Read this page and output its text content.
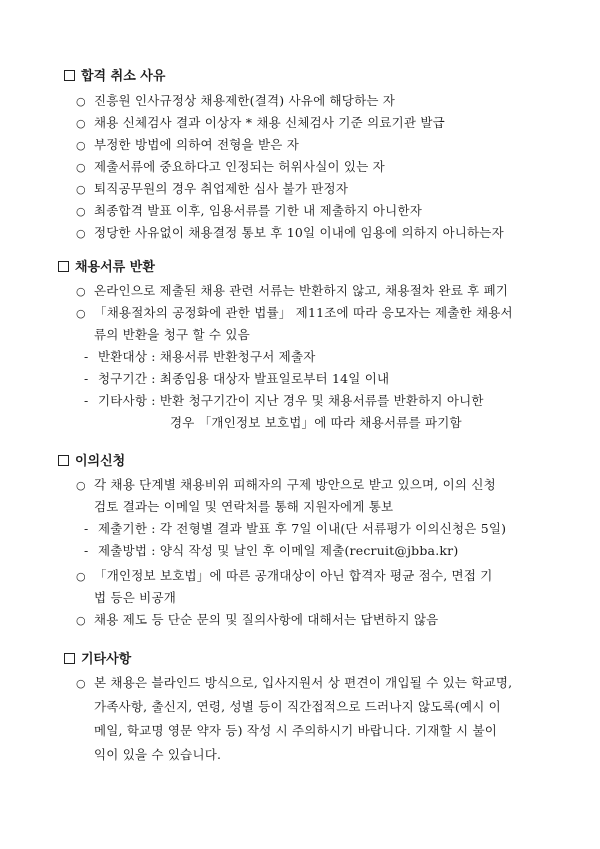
합격 취소 사유
○ 진흥원 인사규정상 채용제한(결격) 사유에 해당하는 자
○ 채용 신체검사 결과 이상자 * 채용 신체검사 기준 의료기관 발급
○ 부정한 방법에 의하여 전형을 받은 자
○ 제출서류에 중요하다고 인정되는 허위사실이 있는 자
○ 퇴직공무원의 경우 취업제한 심사 불가 판정자
○ 최종합격 발표 이후, 임용서류를 기한 내 제출하지 아니한자
○ 정당한 사유없이 채용결정 통보 후 10일 이내에 임용에 의하지 아니하는자
채용서류 반환
○ 온라인으로 제출된 채용 관련 서류는 반환하지 않고, 채용절차 완료 후 폐기
○ 「채용절차의 공정화에 관한 법률」 제11조에 따라 응모자는 제출한 채용서
류의 반환을 청구 할 수 있음
- 반환대상 : 채용서류 반환청구서 제출자
- 청구기간 : 최종임용 대상자 발표일로부터 14일 이내
- 기타사항 : 반환 청구기간이 지난 경우 및 채용서류를 반환하지 아니한
경우 「개인정보 보호법」에 따라 채용서류를 파기함
이의신청
○ 각 채용 단계별 채용비위 피해자의 구제 방안으로 받고 있으며, 이의 신청
검토 결과는 이메일 및 연락처를 통해 지원자에게 통보
- 제출기한 : 각 전형별 결과 발표 후 7일 이내(단 서류평가 이의신청은 5일)
- 제출방법 : 양식 작성 및 날인 후 이메일 제출(recruit@jbba.kr)
○ 「개인정보 보호법」에 따른 공개대상이 아닌 합격자 평균 점수, 면접 기
법 등은 비공개
○ 채용 제도 등 단순 문의 및 질의사항에 대해서는 답변하지 않음
기타사항
○ 본 채용은 블라인드 방식으로, 입사지원서 상 편견이 개입될 수 있는 학교명,
가족사항, 출신지, 연령, 성별 등이 직간접적으로 드러나지 않도록(예시 이
메일, 학교명 영문 약자 등) 작성 시 주의하시기 바랍니다. 기재할 시 불이
익이 있을 수 있습니다.
